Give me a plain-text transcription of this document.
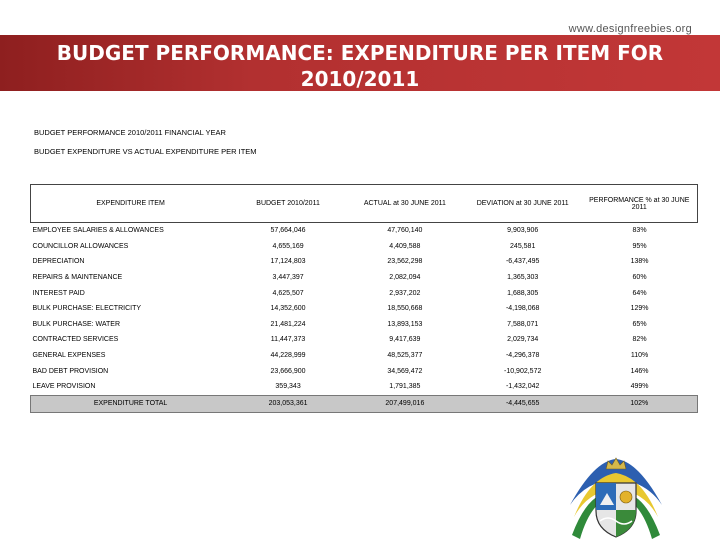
www.designfreebies.org
BUDGET PERFORMANCE: EXPENDITURE PER ITEM FOR 2010/2011
BUDGET PERFORMANCE 2010/2011 FINANCIAL YEAR
BUDGET EXPENDITURE VS ACTUAL EXPENDITURE PER ITEM
EXPENDITURE ITEM	BUDGET 2010/2011	ACTUAL at 30 JUNE 2011	DEVIATION at 30 JUNE 2011	PERFORMANCE % at 30 JUNE 2011
EMPLOYEE SALARIES & ALLOWANCES	57,664,046	47,760,140	9,903,906	83%
COUNCILLOR ALLOWANCES	4,655,169	4,409,588	245,581	95%
DEPRECIATION	17,124,803	23,562,298	-6,437,495	138%
REPAIRS & MAINTENANCE	3,447,397	2,082,094	1,365,303	60%
INTEREST PAID	4,625,507	2,937,202	1,688,305	64%
BULK PURCHASE: ELECTRICITY	14,352,600	18,550,668	-4,198,068	129%
BULK PURCHASE: WATER	21,481,224	13,893,153	7,588,071	65%
CONTRACTED SERVICES	11,447,373	9,417,639	2,029,734	82%
GENERAL EXPENSES	44,228,999	48,525,377	-4,296,378	110%
BAD DEBT PROVISION	23,666,900	34,569,472	-10,902,572	146%
LEAVE PROVISION	359,343	1,791,385	-1,432,042	499%
EXPENDITURE TOTAL	203,053,361	207,499,016	-4,445,655	102%
